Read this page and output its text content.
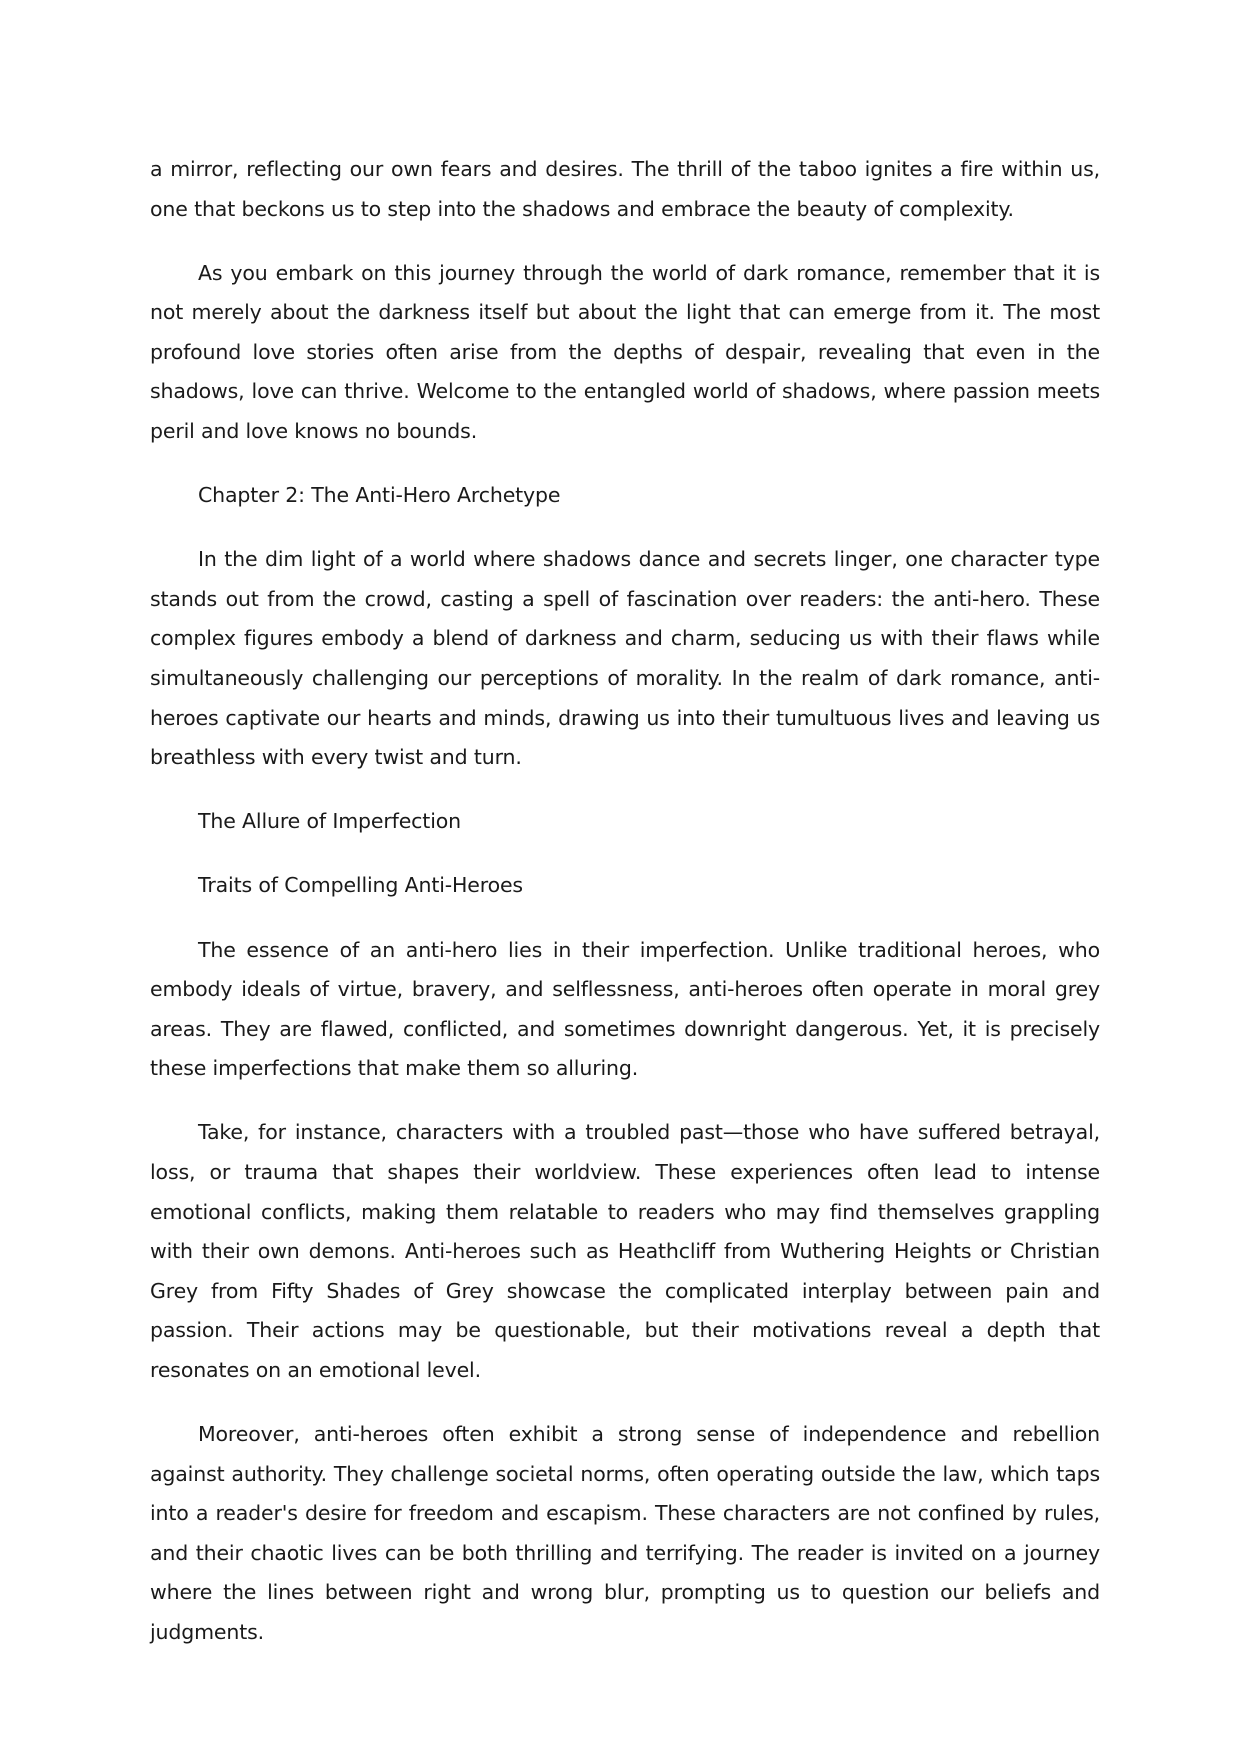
a mirror, reflecting our own fears and desires. The thrill of the taboo ignites a fire within us, one that beckons us to step into the shadows and embrace the beauty of complexity.

As you embark on this journey through the world of dark romance, remember that it is not merely about the darkness itself but about the light that can emerge from it. The most profound love stories often arise from the depths of despair, revealing that even in the shadows, love can thrive. Welcome to the entangled world of shadows, where passion meets peril and love knows no bounds.

Chapter 2: The Anti-Hero Archetype

In the dim light of a world where shadows dance and secrets linger, one character type stands out from the crowd, casting a spell of fascination over readers: the anti-hero. These complex figures embody a blend of darkness and charm, seducing us with their flaws while simultaneously challenging our perceptions of morality. In the realm of dark romance, anti-heroes captivate our hearts and minds, drawing us into their tumultuous lives and leaving us breathless with every twist and turn.

The Allure of Imperfection

Traits of Compelling Anti-Heroes

The essence of an anti-hero lies in their imperfection. Unlike traditional heroes, who embody ideals of virtue, bravery, and selflessness, anti-heroes often operate in moral grey areas. They are flawed, conflicted, and sometimes downright dangerous. Yet, it is precisely these imperfections that make them so alluring.

Take, for instance, characters with a troubled past—those who have suffered betrayal, loss, or trauma that shapes their worldview. These experiences often lead to intense emotional conflicts, making them relatable to readers who may find themselves grappling with their own demons. Anti-heroes such as Heathcliff from Wuthering Heights or Christian Grey from Fifty Shades of Grey showcase the complicated interplay between pain and passion. Their actions may be questionable, but their motivations reveal a depth that resonates on an emotional level.

Moreover, anti-heroes often exhibit a strong sense of independence and rebellion against authority. They challenge societal norms, often operating outside the law, which taps into a reader's desire for freedom and escapism. These characters are not confined by rules, and their chaotic lives can be both thrilling and terrifying. The reader is invited on a journey where the lines between right and wrong blur, prompting us to question our beliefs and judgments.
